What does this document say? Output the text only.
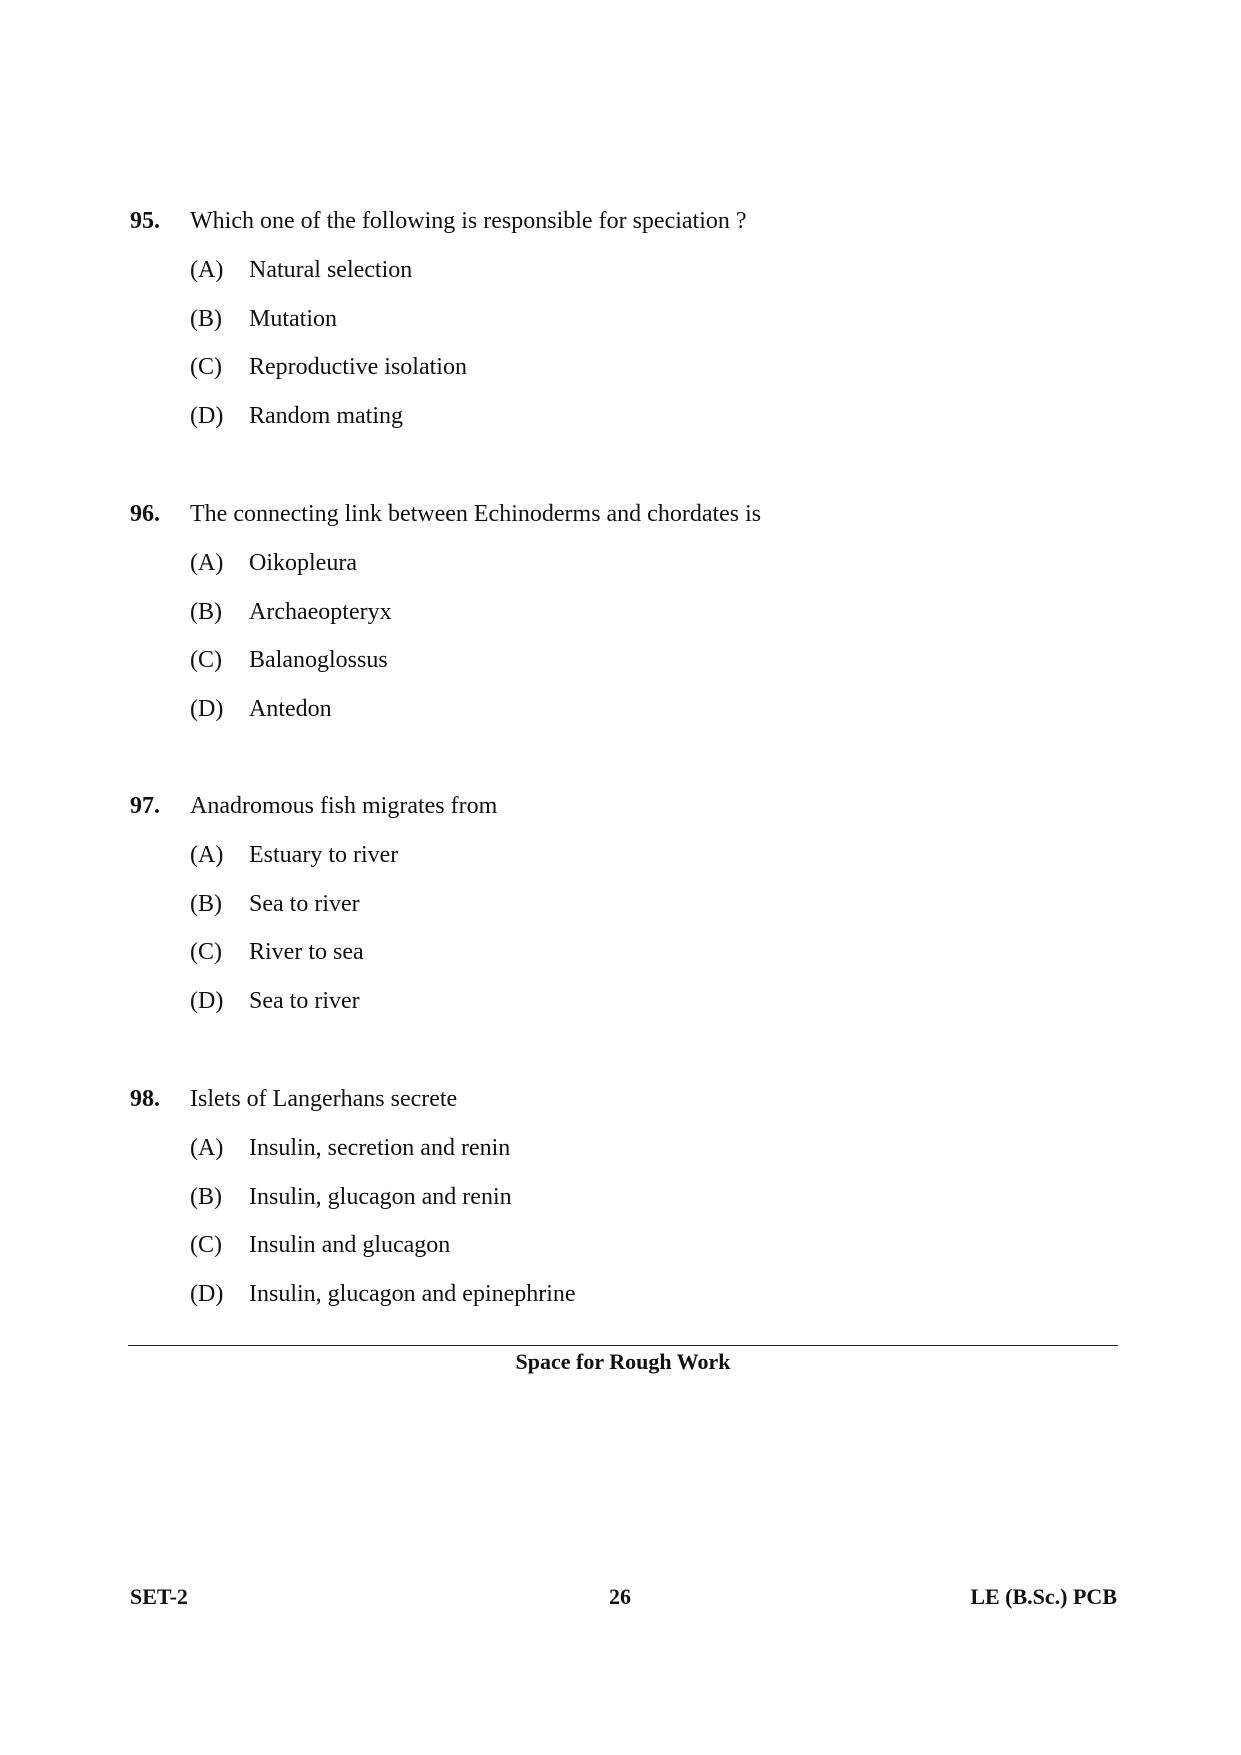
95. Which one of the following is responsible for speciation ?
(A) Natural selection
(B) Mutation
(C) Reproductive isolation
(D) Random mating
96. The connecting link between Echinoderms and chordates is
(A) Oikopleura
(B) Archaeopteryx
(C) Balanoglossus
(D) Antedon
97. Anadromous fish migrates from
(A) Estuary to river
(B) Sea to river
(C) River to sea
(D) Sea to river
98. Islets of Langerhans secrete
(A) Insulin, secretion and renin
(B) Insulin, glucagon and renin
(C) Insulin and glucagon
(D) Insulin, glucagon and epinephrine
Space for Rough Work
SET-2	26	LE (B.Sc.) PCB
